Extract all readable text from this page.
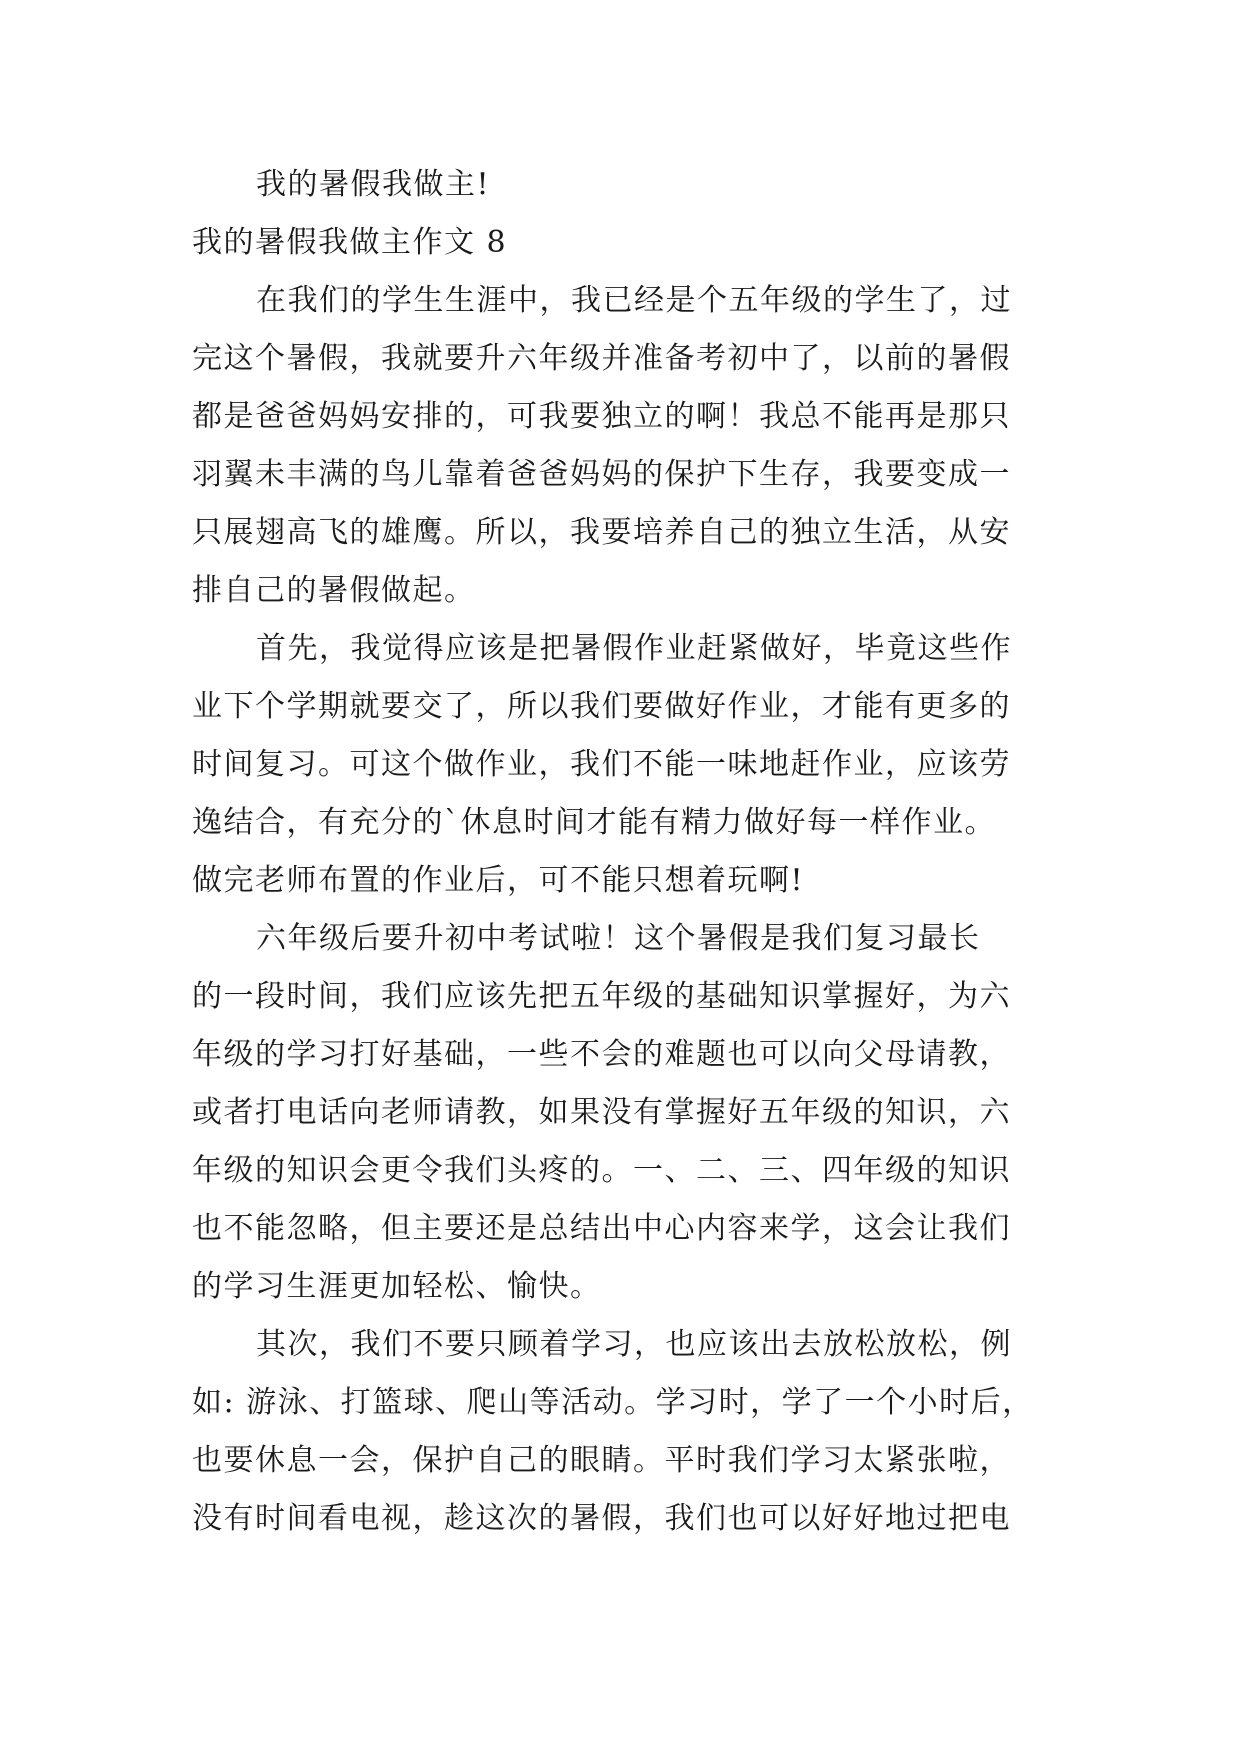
我的暑假我做主!
我的暑假我做主作文 8
在我们的学生生涯中，我已经是个五年级的学生了，过
完这个暑假，我就要升六年级并准备考初中了，以前的暑假
都是爸爸妈妈安排的，可我要独立的啊！我总不能再是那只
羽翼未丰满的鸟儿靠着爸爸妈妈的保护下生存，我要变成一
只展翅高飞的雄鹰。所以，我要培养自己的独立生活，从安
排自己的暑假做起。
首先，我觉得应该是把暑假作业赶紧做好，毕竟这些作
业下个学期就要交了，所以我们要做好作业，才能有更多的
时间复习。可这个做作业，我们不能一味地赶作业，应该劳
逸结合，有充分的`休息时间才能有精力做好每一样作业。
做完老师布置的作业后，可不能只想着玩啊!
六年级后要升初中考试啦！这个暑假是我们复习最长
的一段时间，我们应该先把五年级的基础知识掌握好，为六
年级的学习打好基础，一些不会的难题也可以向父母请教，
或者打电话向老师请教，如果没有掌握好五年级的知识，六
年级的知识会更令我们头疼的。一、二、三、四年级的知识
也不能忽略，但主要还是总结出中心内容来学，这会让我们
的学习生涯更加轻松、愉快。
其次，我们不要只顾着学习，也应该出去放松放松，例
如: 游泳、打篮球、爬山等活动。学习时，学了一个小时后，
也要休息一会，保护自己的眼睛。平时我们学习太紧张啦，
没有时间看电视，趁这次的暑假，我们也可以好好地过把电
